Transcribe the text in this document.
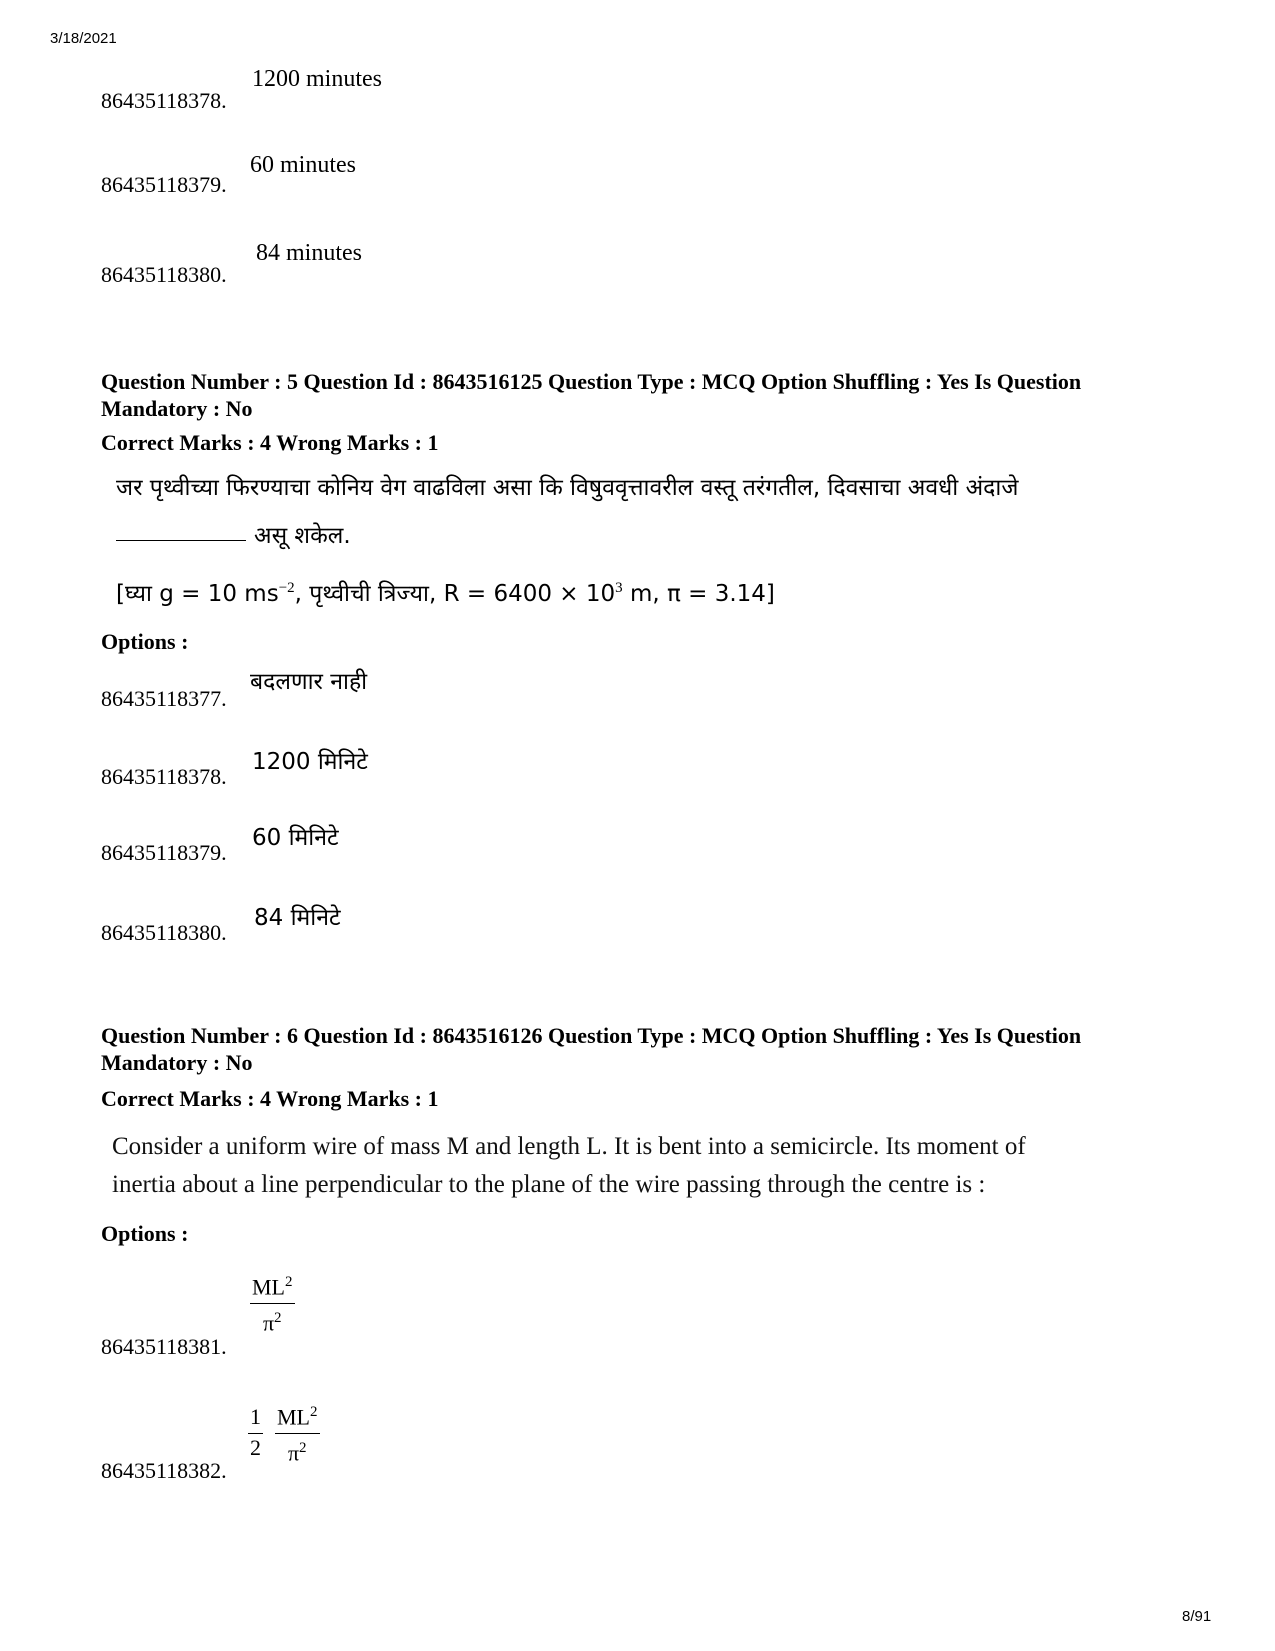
3/18/2021
1200 minutes
86435118378.
60 minutes
86435118379.
84 minutes
86435118380.
Question Number : 5 Question Id : 8643516125 Question Type : MCQ Option Shuffling : Yes Is Question
Mandatory : No
Correct Marks : 4 Wrong Marks : 1
जर पृथ्वीच्या फिरण्याचा कोनिय वेग वाढविला असा कि विषुववृत्तावरील वस्तू तरंगतील, दिवसाचा अवधी अंदाजे
असू शकेल.
[घ्या g = 10 $ms^{-2}$, पृथ्वीची त्रिज्या, $R = 6400 \times 10^3$ m, π = 3.14]
Options :
बदलणार नाही
86435118377.
1200 मिनिटे
86435118378.
60 मिनिटे
86435118379.
84 मिनिटे
86435118380.
Question Number : 6 Question Id : 8643516126 Question Type : MCQ Option Shuffling : Yes Is Question
Mandatory : No
Correct Marks : 4 Wrong Marks : 1
Consider a uniform wire of mass M and length L. It is bent into a semicircle. Its moment of
inertia about a line perpendicular to the plane of the wire passing through the centre is :
Options :
$\frac{ML^2}{\pi^2}$
86435118381.
$\frac{1}{2} \frac{ML^2}{\pi^2}$
86435118382.
8/91
